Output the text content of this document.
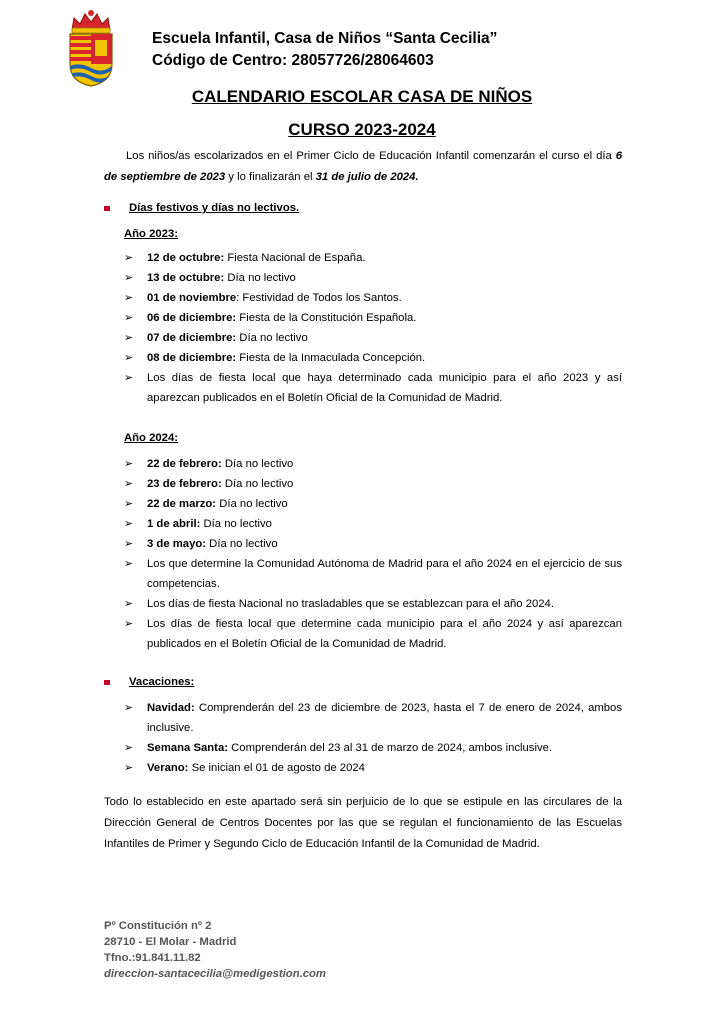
Escuela Infantil, Casa de Niños “Santa Cecilia”
Código de Centro: 28057726/28064603
CALENDARIO ESCOLAR CASA DE NIÑOS
CURSO 2023-2024

Los niños/as escolarizados en el Primer Ciclo de Educación Infantil comenzarán el curso el día 6 de septiembre de 2023 y lo finalizarán el 31 de julio de 2024.

Días festivos y días no lectivos.
Año 2023:
➢ 12 de octubre: Fiesta Nacional de España.
➢ 13 de octubre: Día no lectivo
➢ 01 de noviembre: Festividad de Todos los Santos.
➢ 06 de diciembre: Fiesta de la Constitución Española.
➢ 07 de diciembre: Día no lectivo
➢ 08 de diciembre: Fiesta de la Inmaculada Concepción.
➢ Los días de fiesta local que haya determinado cada municipio para el año 2023 y así aparezcan publicados en el Boletín Oficial de la Comunidad de Madrid.
Año 2024:
➢ 22 de febrero: Día no lectivo
➢ 23 de febrero: Día no lectivo
➢ 22 de marzo: Día no lectivo
➢ 1 de abril: Día no lectivo
➢ 3 de mayo: Día no lectivo
➢ Los que determine la Comunidad Autónoma de Madrid para el año 2024 en el ejercicio de sus competencias.
➢ Los días de fiesta Nacional no trasladables que se establezcan para el año 2024.
➢ Los días de fiesta local que determine cada municipio para el año 2024 y así aparezcan publicados en el Boletín Oficial de la Comunidad de Madrid.
Vacaciones:
➢ Navidad: Comprenderán del 23 de diciembre de 2023, hasta el 7 de enero de 2024, ambos inclusive.
➢ Semana Santa: Comprenderán del 23 al 31 de marzo de 2024, ambos inclusive.
➢ Verano: Se inician el 01 de agosto de 2024

Todo lo establecido en este apartado será sin perjuicio de lo que se estipule en las circulares de la Dirección General de Centros Docentes por las que se regulan el funcionamiento de las Escuelas Infantiles de Primer y Segundo Ciclo de Educación Infantil de la Comunidad de Madrid.

Pº Constitución nº 2
28710 - El Molar - Madrid
Tfno.:91.841.11.82
direccion-santacecilia@medigestion.com
